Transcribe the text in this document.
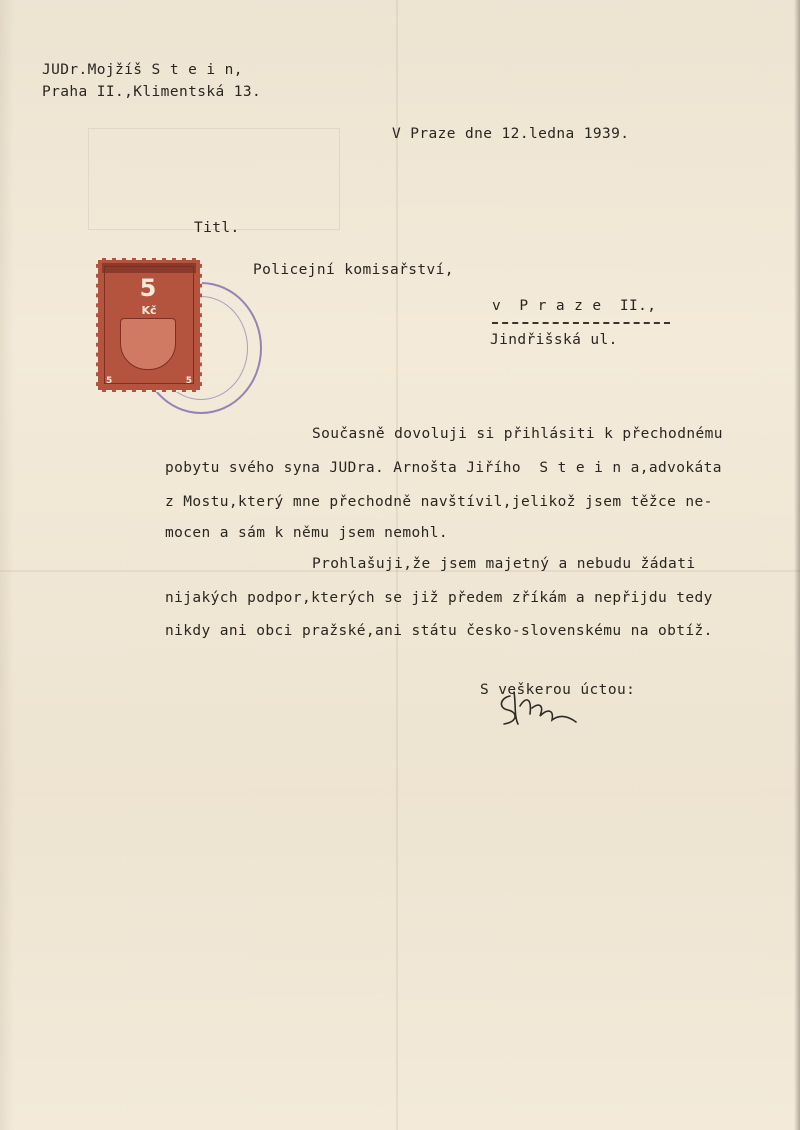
JUDr.Mojžíš S t e i n,
Praha II.,Klimentská 13.
V Praze dne 12.ledna 1939.
Titl.
Policejní komisařství,
v  P r a z e  II.,
Jindřišská ul.
5
Kč
5	5
Současně dovoluji si přihlásiti k přechodnému
pobytu svého syna JUDra. Arnošta Jiřího  S t e i n a,advokáta
z Mostu,který mne přechodně navštívil,jelikož jsem těžce ne-
mocen a sám k němu jsem nemohl.
Prohlašuji,že jsem majetný a nebudu žádati
nijakých podpor,kterých se již předem zříkám a nepřijdu tedy
nikdy ani obci pražské,ani státu česko-slovenskému na obtíž.
S veškerou úctou:
